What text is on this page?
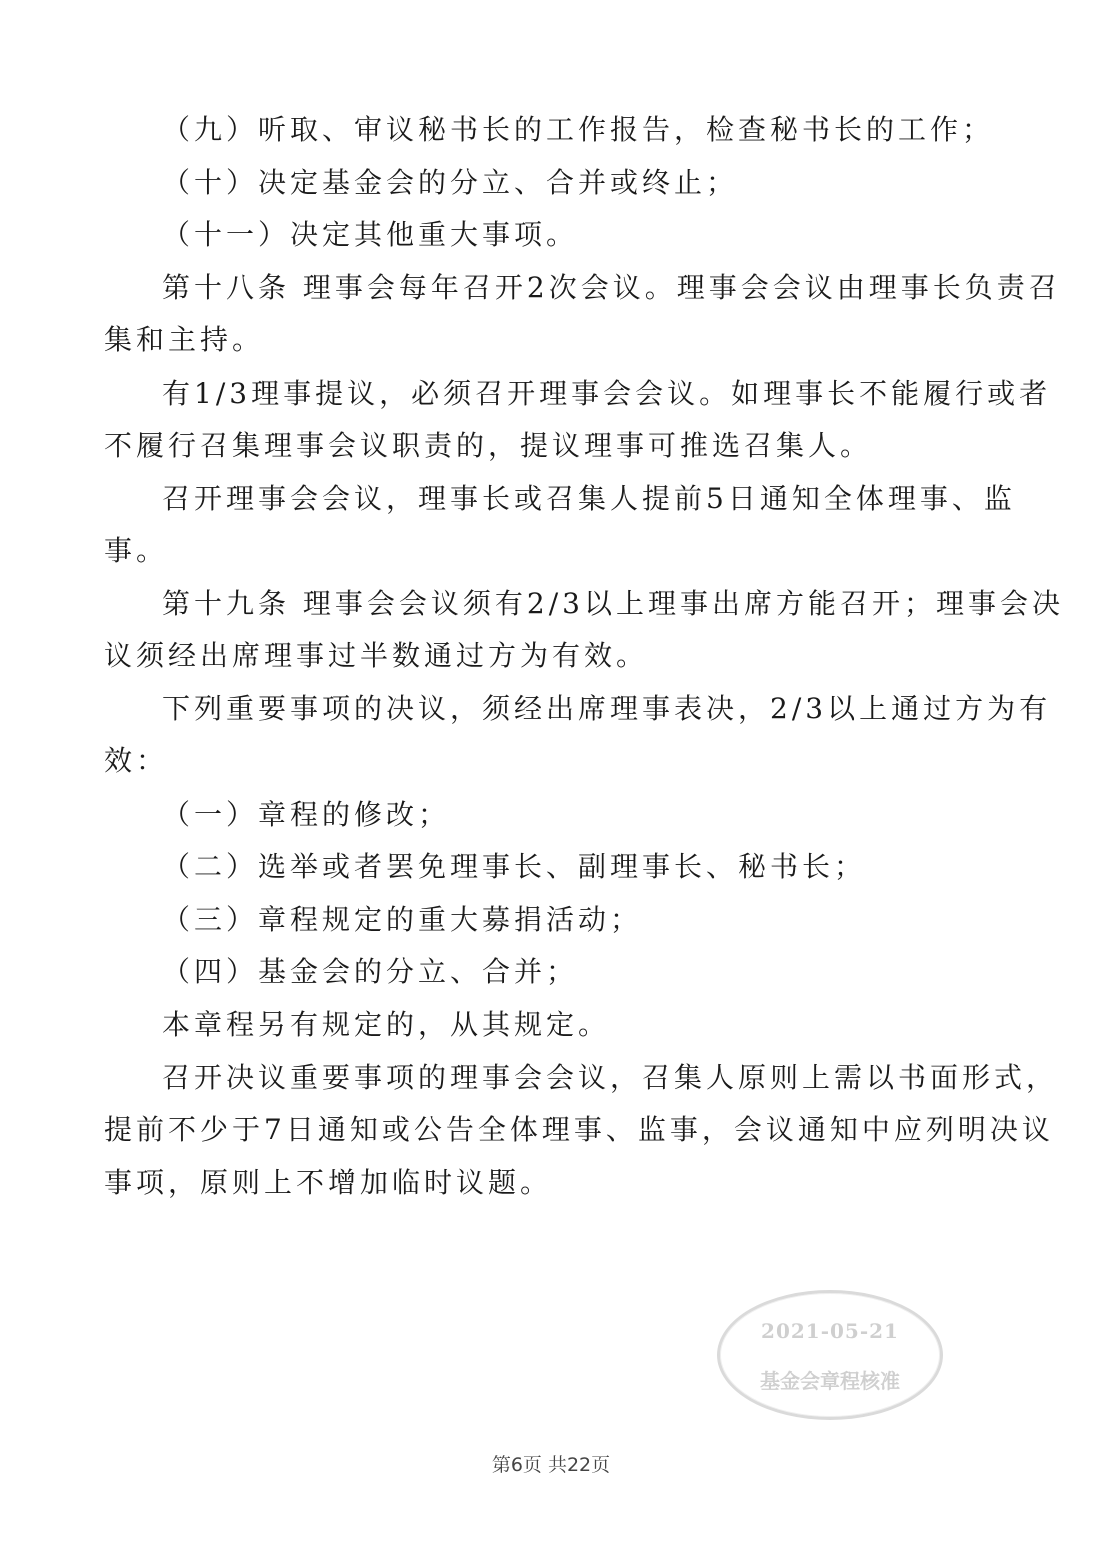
（九）听取、审议秘书长的工作报告，检查秘书长的工作；
（十）决定基金会的分立、合并或终止；
（十一）决定其他重大事项。
第十八条 理事会每年召开2次会议。理事会会议由理事长负责召
集和主持。
有1/3理事提议，必须召开理事会会议。如理事长不能履行或者
不履行召集理事会议职责的，提议理事可推选召集人。
召开理事会会议，理事长或召集人提前5日通知全体理事、监
事。
第十九条 理事会会议须有2/3以上理事出席方能召开；理事会决
议须经出席理事过半数通过方为有效。
下列重要事项的决议，须经出席理事表决，2/3以上通过方为有
效：
（一）章程的修改；
（二）选举或者罢免理事长、副理事长、秘书长；
（三）章程规定的重大募捐活动；
（四）基金会的分立、合并；
本章程另有规定的，从其规定。
召开决议重要事项的理事会会议，召集人原则上需以书面形式，
提前不少于7日通知或公告全体理事、监事，会议通知中应列明决议
事项，原则上不增加临时议题。
2021-05-21
基金会章程核准
第6页 共22页
